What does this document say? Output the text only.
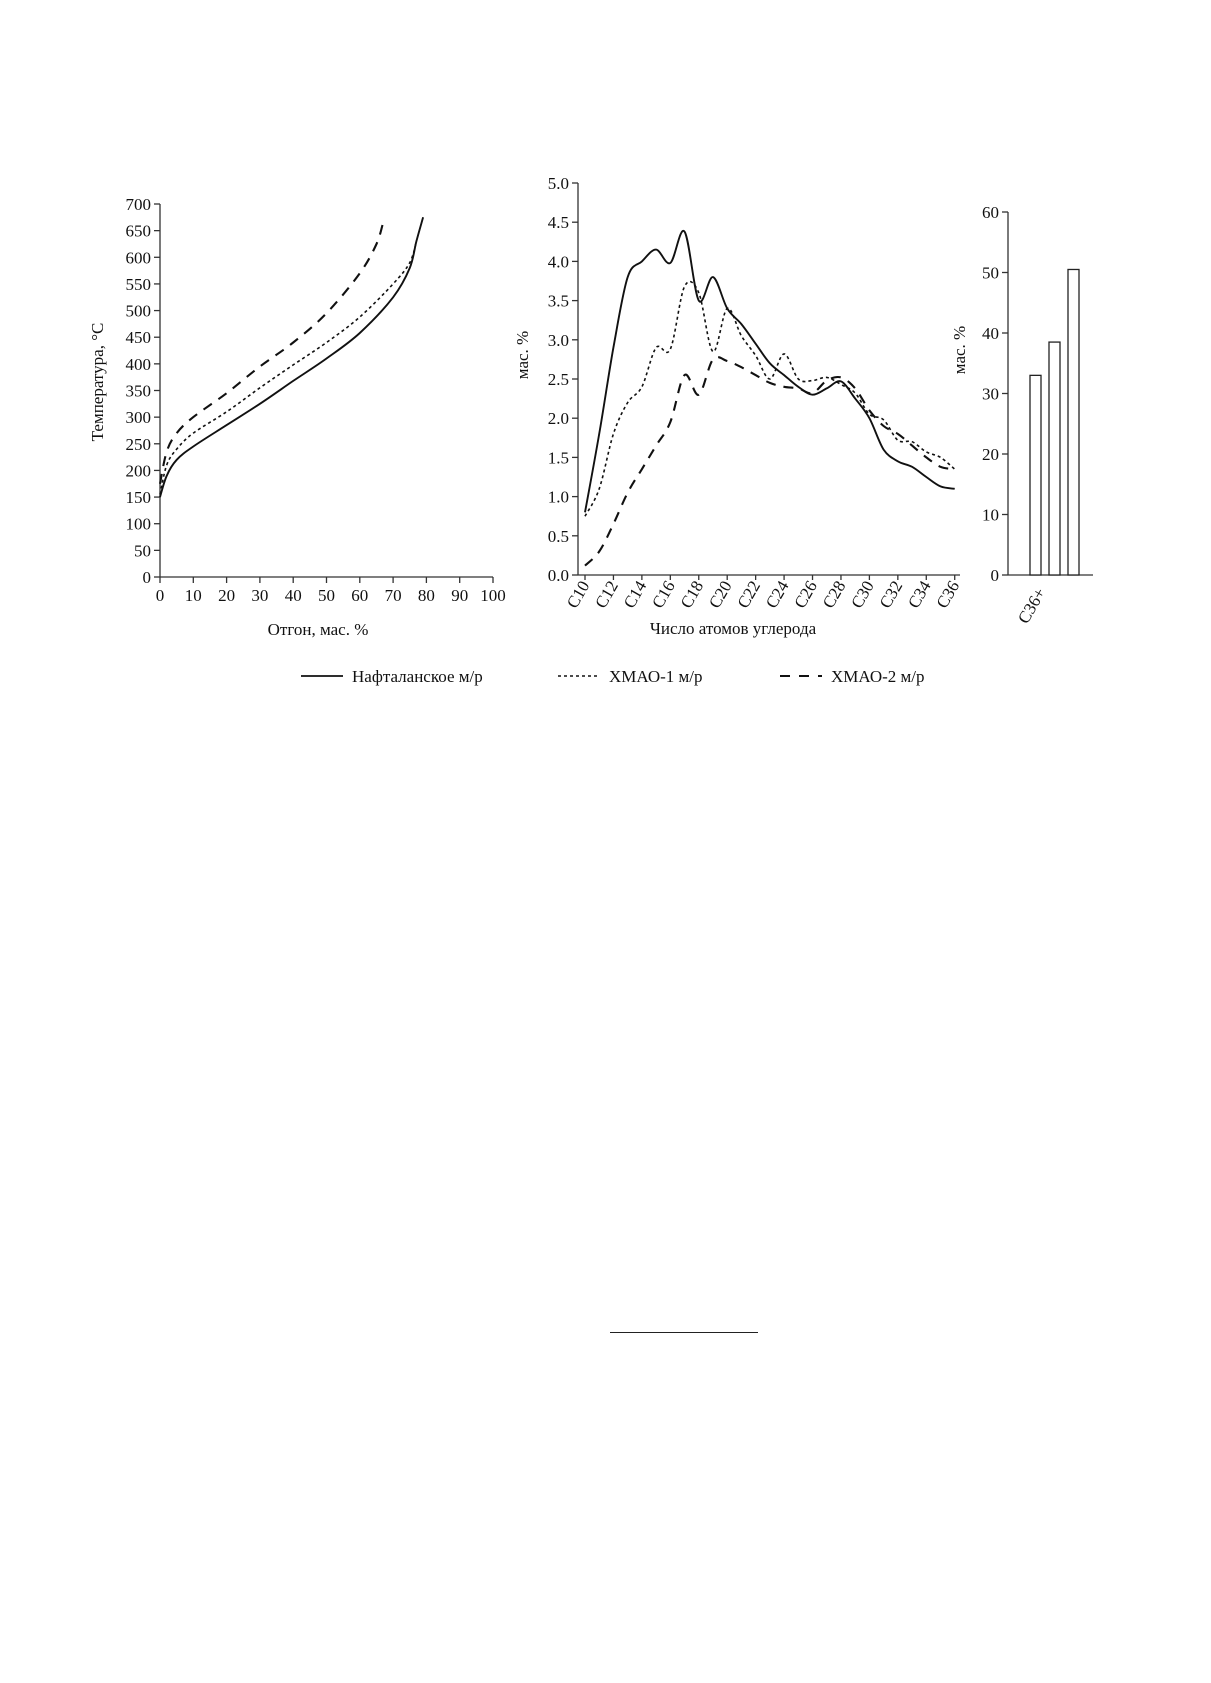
0
50
100
150
200
250
300
350
400
450
500
550
600
650
700
0 10 20 30 40 50 60 70 80 90 100
Температура, °С
Отгон, мас. %
0.0
0.5
1.0
1.5
2.0
2.5
3.0
3.5
4.0
4.5
5.0
C10
C12
C14
C16
C18
C20
C22
C24
C26
C28
C30
C32
C34
C36
мас. %
Число атомов углерода
0
10
20
30
40
50
60
C36+
мас. %
Нафталанское м/р	ХМАО-1 м/р	ХМАО-2 м/р
